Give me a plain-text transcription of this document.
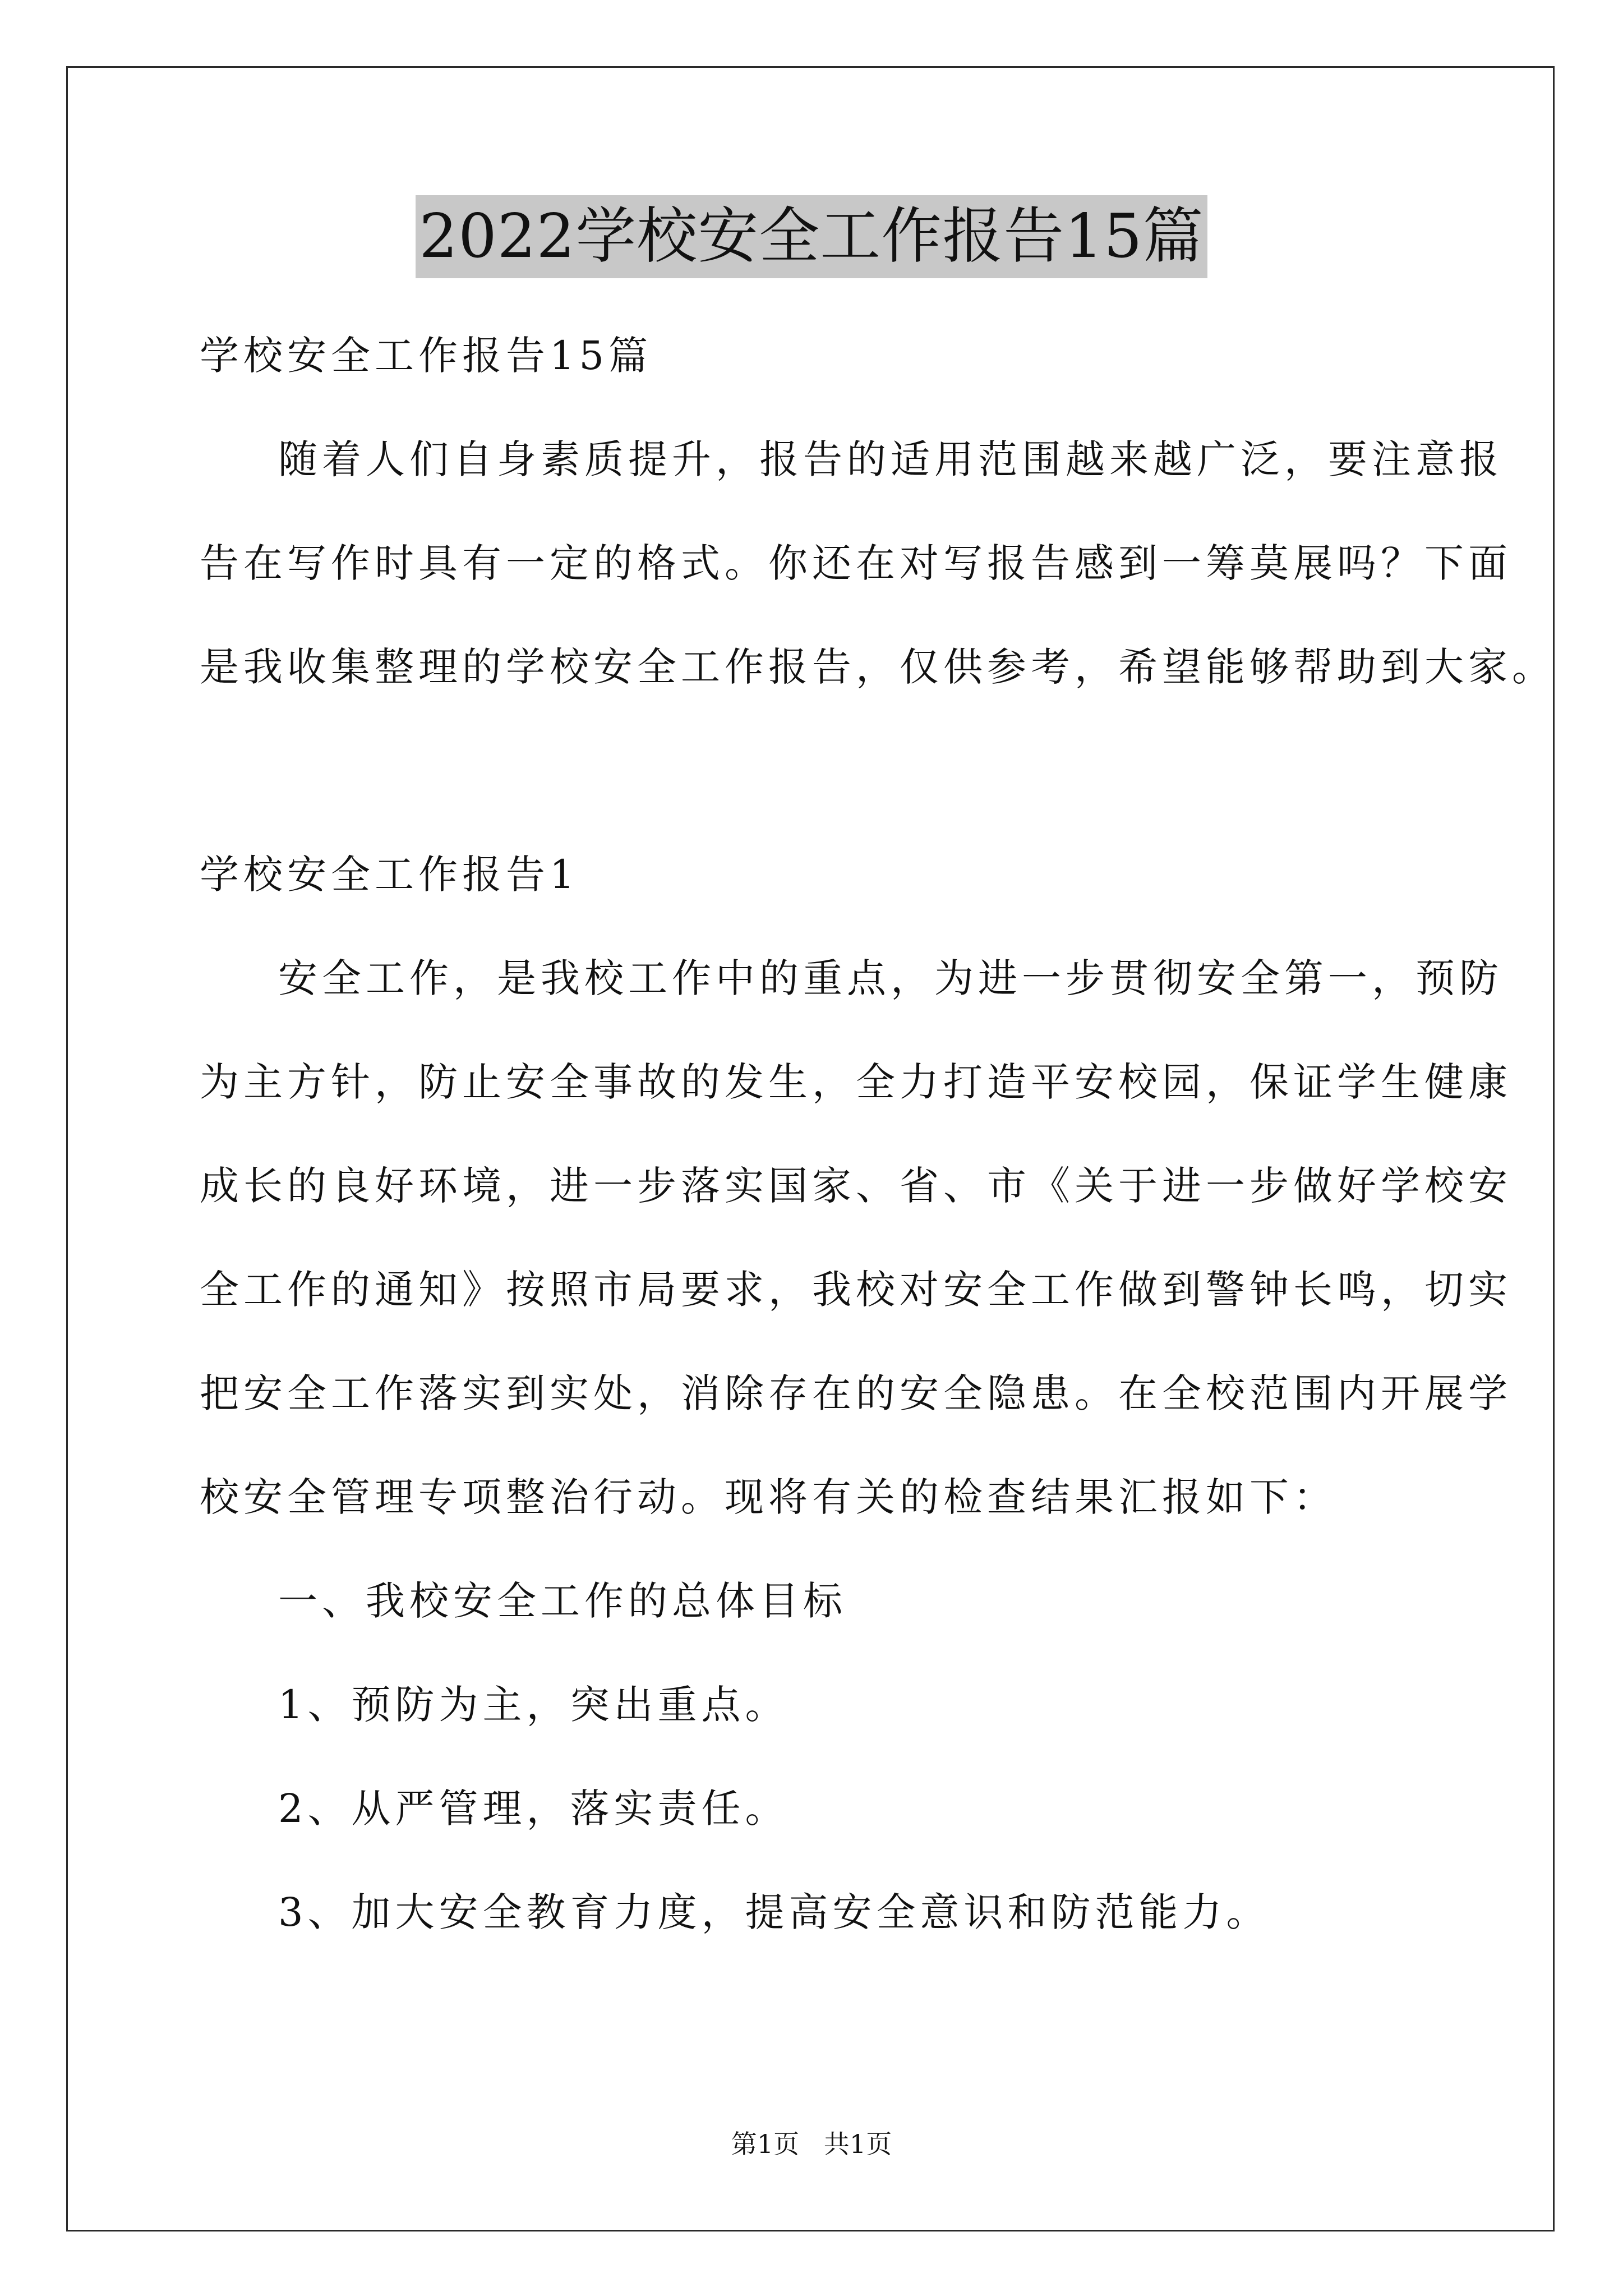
2022学校安全工作报告15篇
学校安全工作报告15篇
随着人们自身素质提升，报告的适用范围越来越广泛，要注意报
告在写作时具有一定的格式。你还在对写报告感到一筹莫展吗？下面
是我收集整理的学校安全工作报告，仅供参考，希望能够帮助到大家。
学校安全工作报告1
安全工作，是我校工作中的重点，为进一步贯彻安全第一，预防
为主方针，防止安全事故的发生，全力打造平安校园，保证学生健康
成长的良好环境，进一步落实国家、省、市《关于进一步做好学校安
全工作的通知》按照市局要求，我校对安全工作做到警钟长鸣，切实
把安全工作落实到实处，消除存在的安全隐患。在全校范围内开展学
校安全管理专项整治行动。现将有关的检查结果汇报如下：
一、我校安全工作的总体目标
1、预防为主，突出重点。
2、从严管理，落实责任。
3、加大安全教育力度，提高安全意识和防范能力。
第1页   共1页
